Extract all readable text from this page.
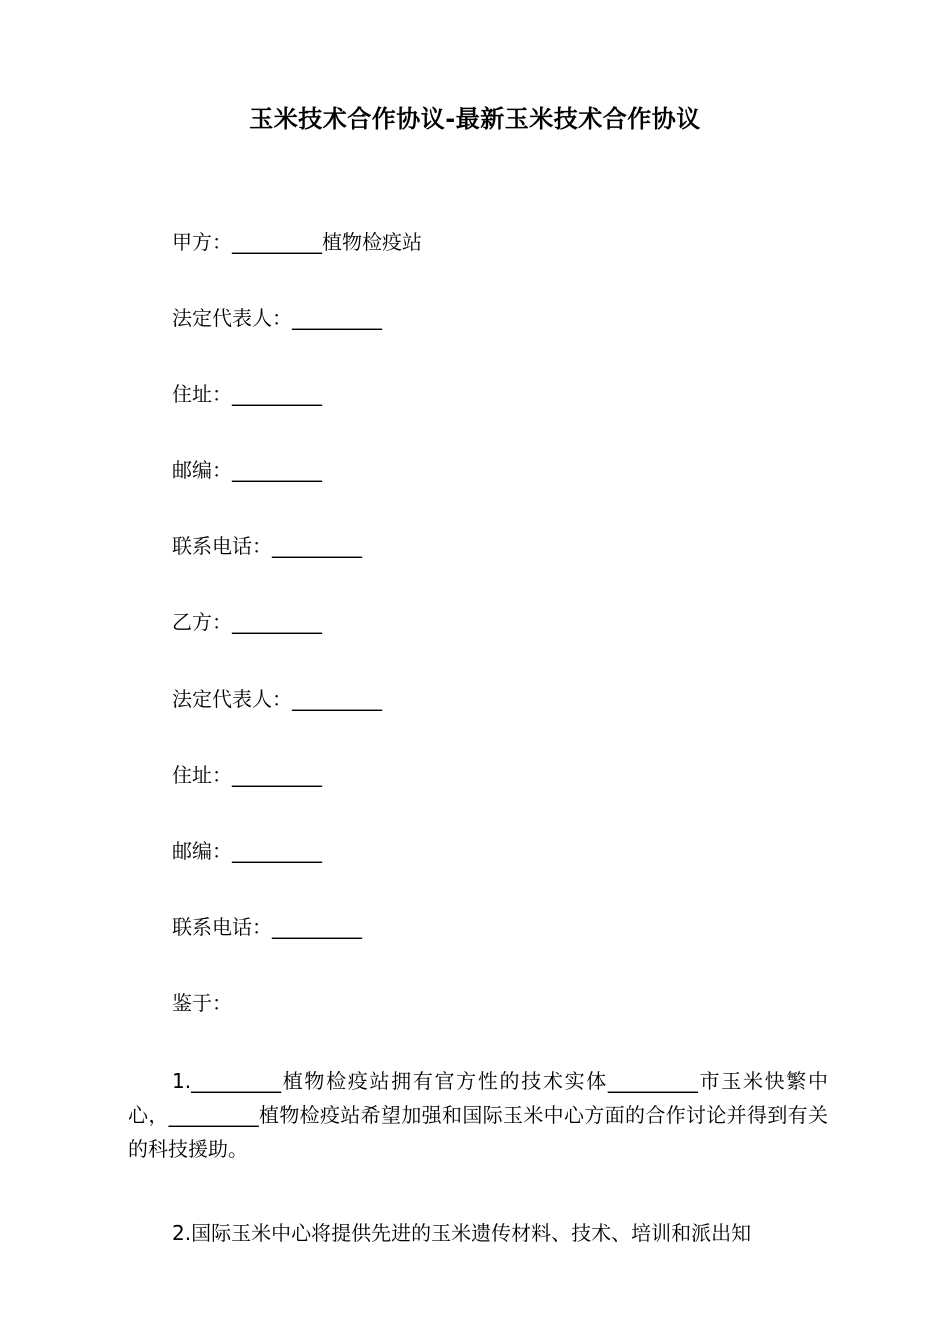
玉米技术合作协议-最新玉米技术合作协议
甲方：_________植物检疫站
法定代表人：_________
住址：_________
邮编：_________
联系电话：_________
乙方：_________
法定代表人：_________
住址：_________
邮编：_________
联系电话：_________
鉴于：
1._________植物检疫站拥有官方性的技术实体_________市玉米快繁中心，_________植物检疫站希望加强和国际玉米中心方面的合作讨论并得到有关的科技援助。
2.国际玉米中心将提供先进的玉米遗传材料、技术、培训和派出知
